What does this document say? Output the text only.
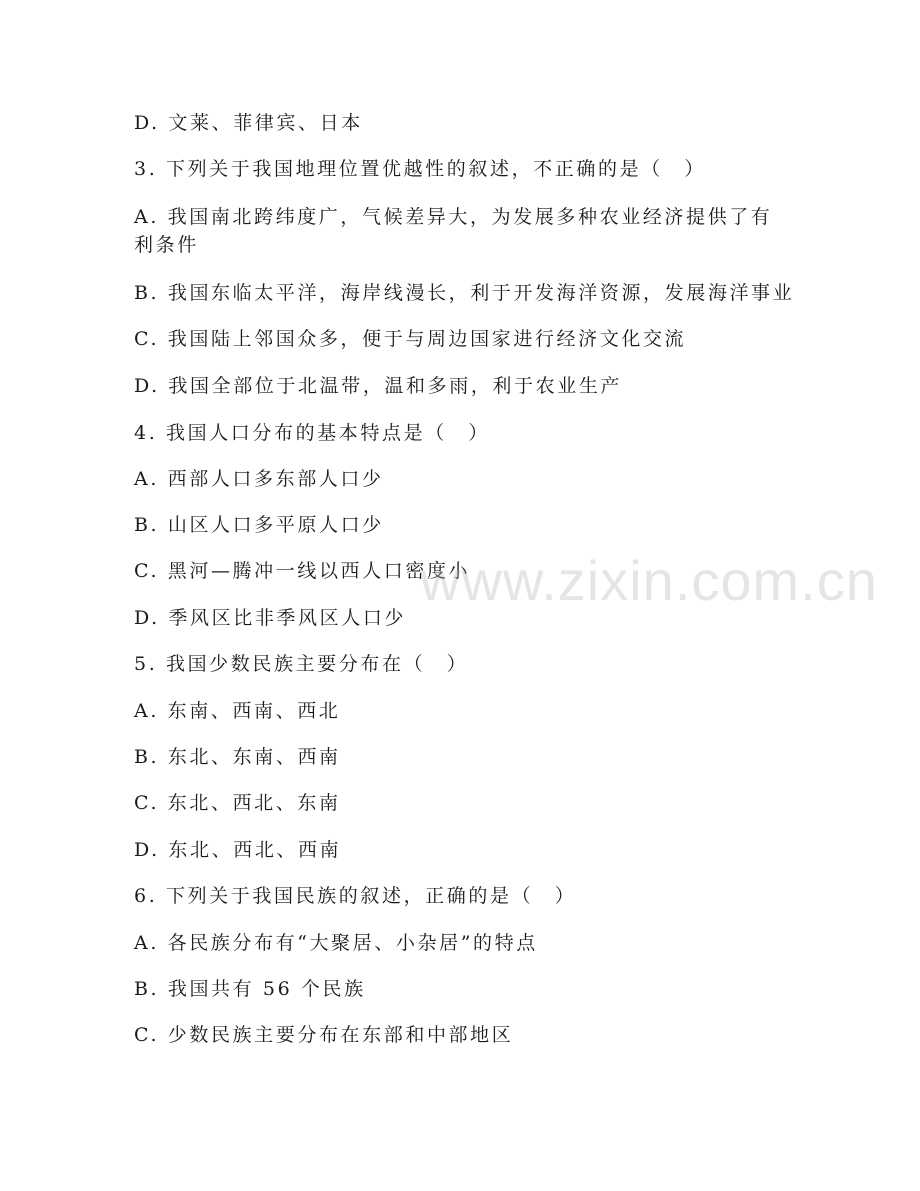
D. 文莱、菲律宾、日本
3. 下列关于我国地理位置优越性的叙述，不正确的是（　）
A. 我国南北跨纬度广，气候差异大，为发展多种农业经济提供了有利条件
B. 我国东临太平洋，海岸线漫长，利于开发海洋资源，发展海洋事业
C. 我国陆上邻国众多，便于与周边国家进行经济文化交流
D. 我国全部位于北温带，温和多雨，利于农业生产
4. 我国人口分布的基本特点是（　）
A. 西部人口多东部人口少
B. 山区人口多平原人口少
C. 黑河—腾冲一线以西人口密度小
D. 季风区比非季风区人口少
5. 我国少数民族主要分布在（　）
A. 东南、西南、西北
B. 东北、东南、西南
C. 东北、西北、东南
D. 东北、西北、西南
6. 下列关于我国民族的叙述，正确的是（　）
A. 各民族分布有“大聚居、小杂居”的特点
B. 我国共有 56 个民族
C. 少数民族主要分布在东部和中部地区
www.zixin.com.cn
